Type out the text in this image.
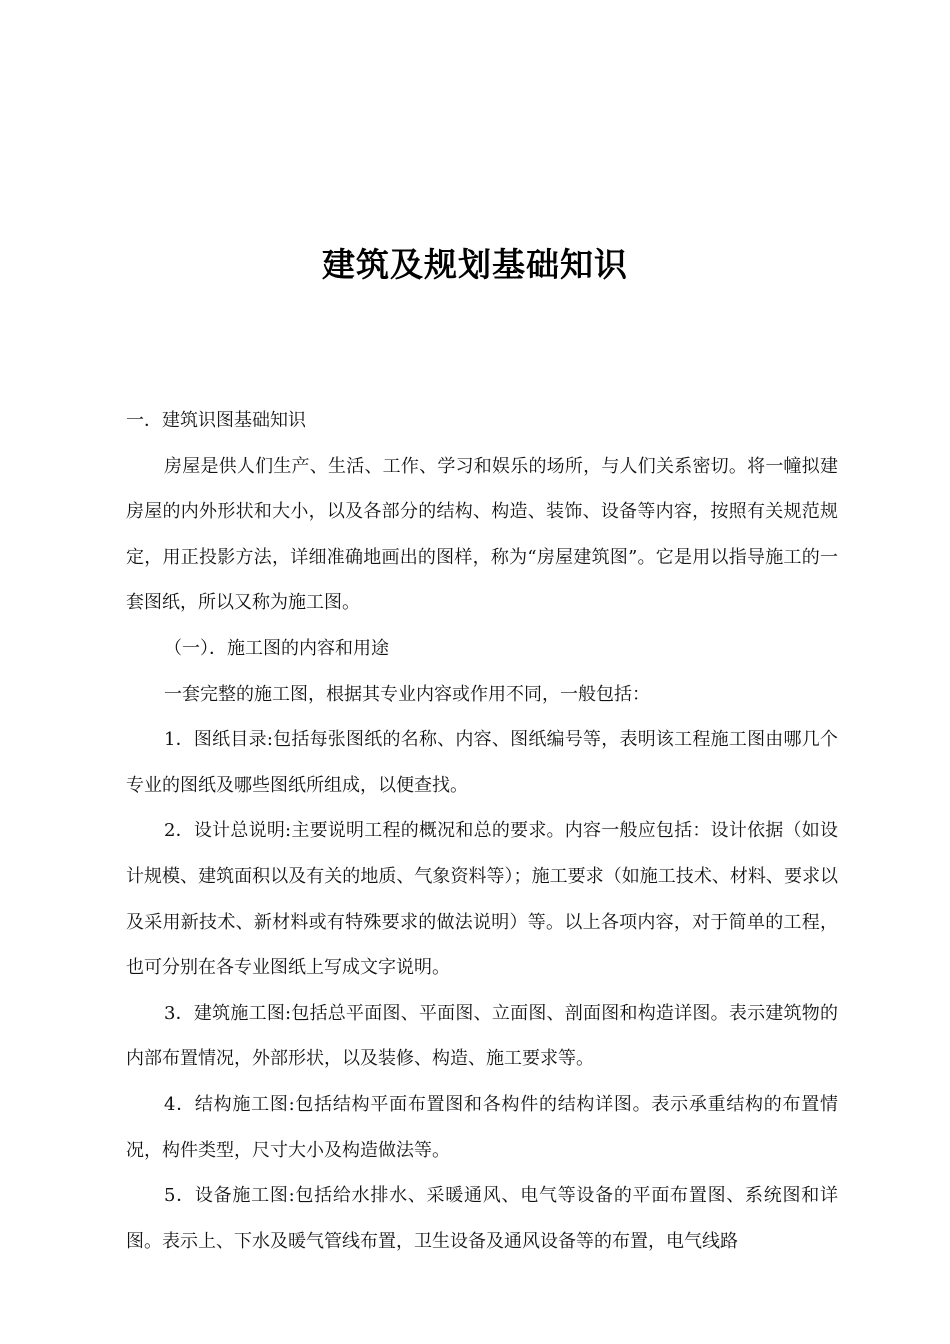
建筑及规划基础知识

一．建筑识图基础知识

房屋是供人们生产、生活、工作、学习和娱乐的场所，与人们关系密切。将一幢拟建房屋的内外形状和大小，以及各部分的结构、构造、装饰、设备等内容，按照有关规范规定，用正投影方法，详细准确地画出的图样，称为“房屋建筑图”。它是用以指导施工的一套图纸，所以又称为施工图。

（一）．施工图的内容和用途

一套完整的施工图，根据其专业内容或作用不同，一般包括：

1．图纸目录:包括每张图纸的名称、内容、图纸编号等，表明该工程施工图由哪几个专业的图纸及哪些图纸所组成，以便查找。

2．设计总说明:主要说明工程的概况和总的要求。内容一般应包括：设计依据（如设计规模、建筑面积以及有关的地质、气象资料等）；施工要求（如施工技术、材料、要求以及采用新技术、新材料或有特殊要求的做法说明）等。以上各项内容，对于简单的工程，也可分别在各专业图纸上写成文字说明。

3．建筑施工图:包括总平面图、平面图、立面图、剖面图和构造详图。表示建筑物的内部布置情况，外部形状，以及装修、构造、施工要求等。

4．结构施工图:包括结构平面布置图和各构件的结构详图。表示承重结构的布置情况，构件类型，尺寸大小及构造做法等。

5．设备施工图:包括给水排水、采暖通风、电气等设备的平面布置图、系统图和详图。表示上、下水及暖气管线布置，卫生设备及通风设备等的布置，电气线路
